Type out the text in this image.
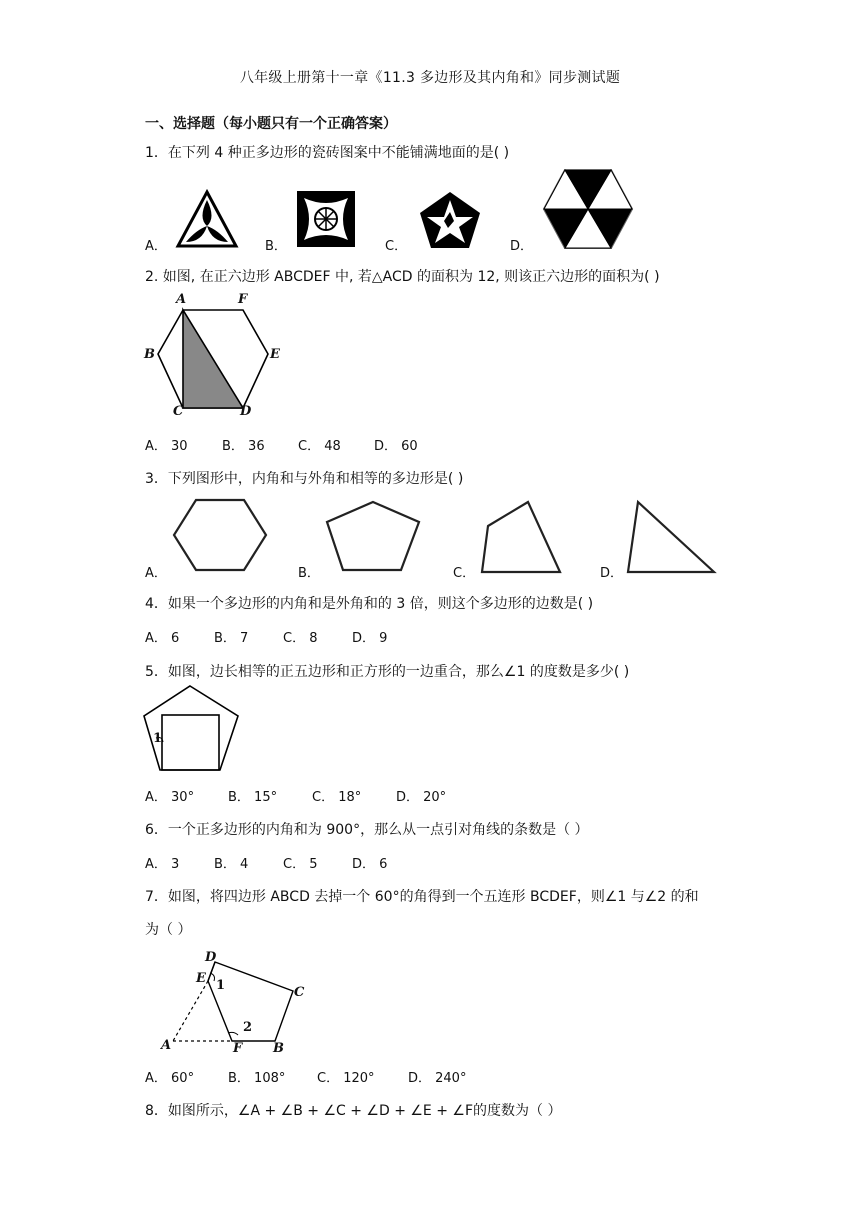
八年级上册第十一章《11.3 多边形及其内角和》同步测试题
一、选择题（每小题只有一个正确答案）
1．在下列 4 种正多边形的瓷砖图案中不能铺满地面的是( )
A．	B．	C．	D．
2. 如图, 在正六边形 ABCDEF 中, 若△ACD 的面积为 12, 则该正六边形的面积为( )
A	F
B	E
C	D
A． 30	B． 36	C． 48	D． 60
3．下列图形中，内角和与外角和相等的多边形是( )
A．	B．	C．	D．
4．如果一个多边形的内角和是外角和的 3 倍，则这个多边形的边数是( )
A． 6	B． 7	C． 8	D． 9
5．如图，边长相等的正五边形和正方形的一边重合，那么∠1 的度数是多少( )
1
A． 30°	B． 15°	C． 18°	D． 20°
6．一个正多边形的内角和为 900°，那么从一点引对角线的条数是（ ）
A． 3	B． 4	C． 5	D． 6
7．如图，将四边形 ABCD 去掉一个 60°的角得到一个五连形 BCDEF，则∠1 与∠2 的和
为（ ）
D
E 1	C
2
A	F B
A． 60°	B． 108° C． 120°	D． 240°
8．如图所示，∠A + ∠B + ∠C + ∠D + ∠E + ∠F的度数为（ ）
